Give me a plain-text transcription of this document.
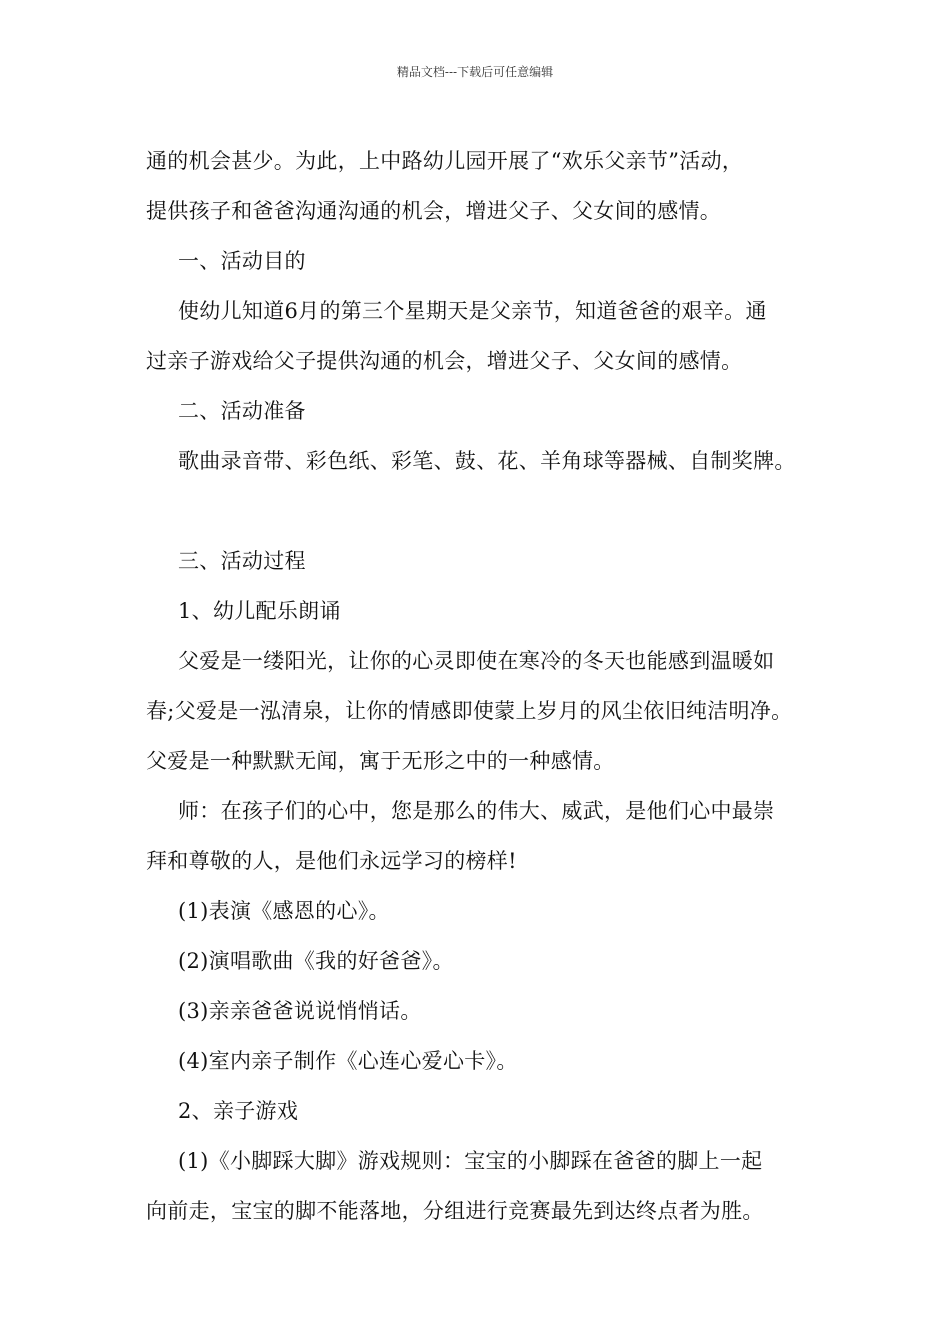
精品文档---下载后可任意编辑
通的机会甚少。为此，上中路幼儿园开展了“欢乐父亲节”活动，
提供孩子和爸爸沟通沟通的机会，增进父子、父女间的感情。
一、活动目的
使幼儿知道6月的第三个星期天是父亲节，知道爸爸的艰辛。通
过亲子游戏给父子提供沟通的机会，增进父子、父女间的感情。
二、活动准备
歌曲录音带、彩色纸、彩笔、鼓、花、羊角球等器械、自制奖牌。
三、活动过程
1、幼儿配乐朗诵
父爱是一缕阳光，让你的心灵即使在寒冷的冬天也能感到温暖如
春;父爱是一泓清泉，让你的情感即使蒙上岁月的风尘依旧纯洁明净。
父爱是一种默默无闻，寓于无形之中的一种感情。
师：在孩子们的心中，您是那么的伟大、威武，是他们心中最崇
拜和尊敬的人，是他们永远学习的榜样!
(1)表演《感恩的心》。
(2)演唱歌曲《我的好爸爸》。
(3)亲亲爸爸说说悄悄话。
(4)室内亲子制作《心连心爱心卡》。
2、亲子游戏
(1)《小脚踩大脚》游戏规则：宝宝的小脚踩在爸爸的脚上一起
向前走，宝宝的脚不能落地，分组进行竞赛最先到达终点者为胜。
